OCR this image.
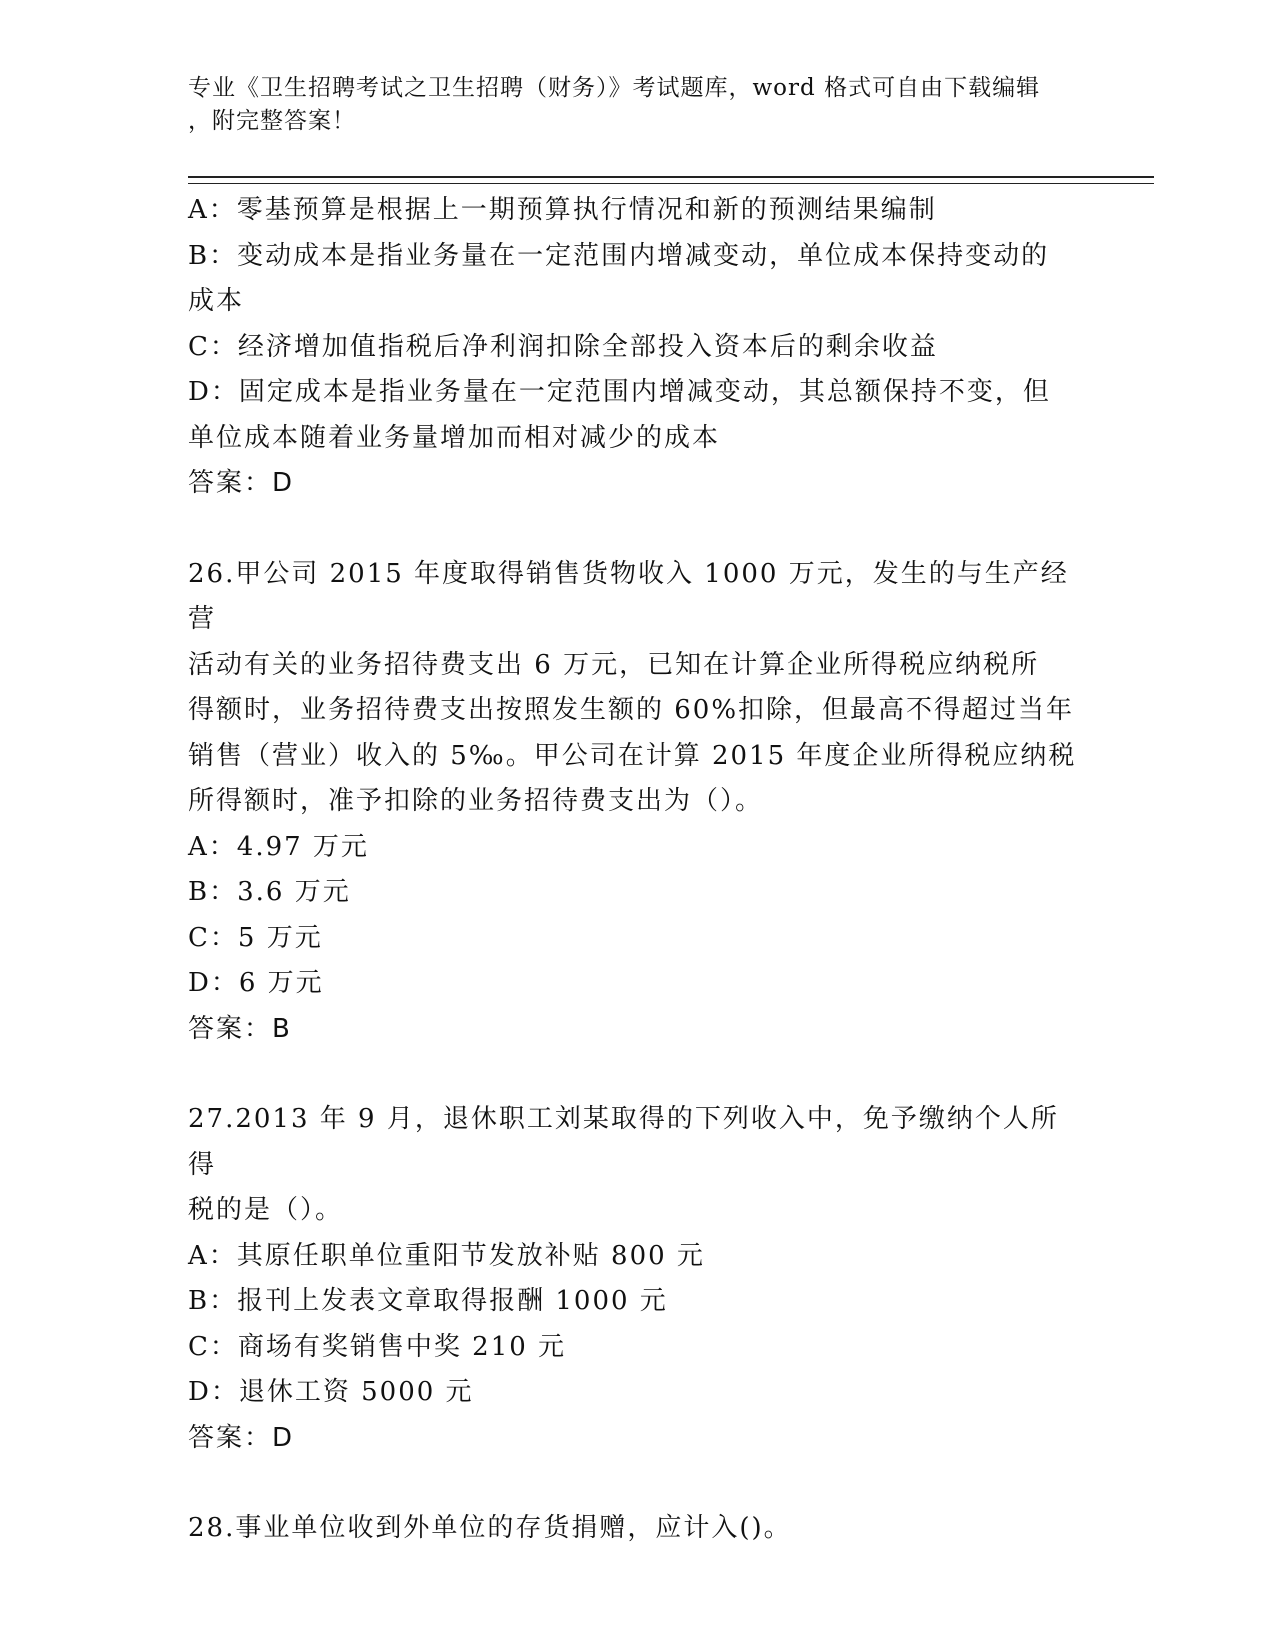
专业《卫生招聘考试之卫生招聘（财务）》考试题库，word 格式可自由下载编辑
，附完整答案！
A：零基预算是根据上一期预算执行情况和新的预测结果编制
B：变动成本是指业务量在一定范围内增减变动，单位成本保持变动的
成本
C：经济增加值指税后净利润扣除全部投入资本后的剩余收益
D：固定成本是指业务量在一定范围内增减变动，其总额保持不变，但
单位成本随着业务量增加而相对减少的成本
答案：D
26.甲公司 2015 年度取得销售货物收入 1000 万元，发生的与生产经营
活动有关的业务招待费支出 6 万元，已知在计算企业所得税应纳税所
得额时，业务招待费支出按照发生额的 60%扣除，但最高不得超过当年
销售（营业）收入的 5‰。甲公司在计算 2015 年度企业所得税应纳税
所得额时，准予扣除的业务招待费支出为（）。
A：4.97 万元
B：3.6 万元
C：5 万元
D：6 万元
答案：B
27.2013 年 9 月，退休职工刘某取得的下列收入中，免予缴纳个人所得
税的是（）。
A：其原任职单位重阳节发放补贴 800 元
B：报刊上发表文章取得报酬 1000 元
C：商场有奖销售中奖 210 元
D：退休工资 5000 元
答案：D
28.事业单位收到外单位的存货捐赠，应计入()。
